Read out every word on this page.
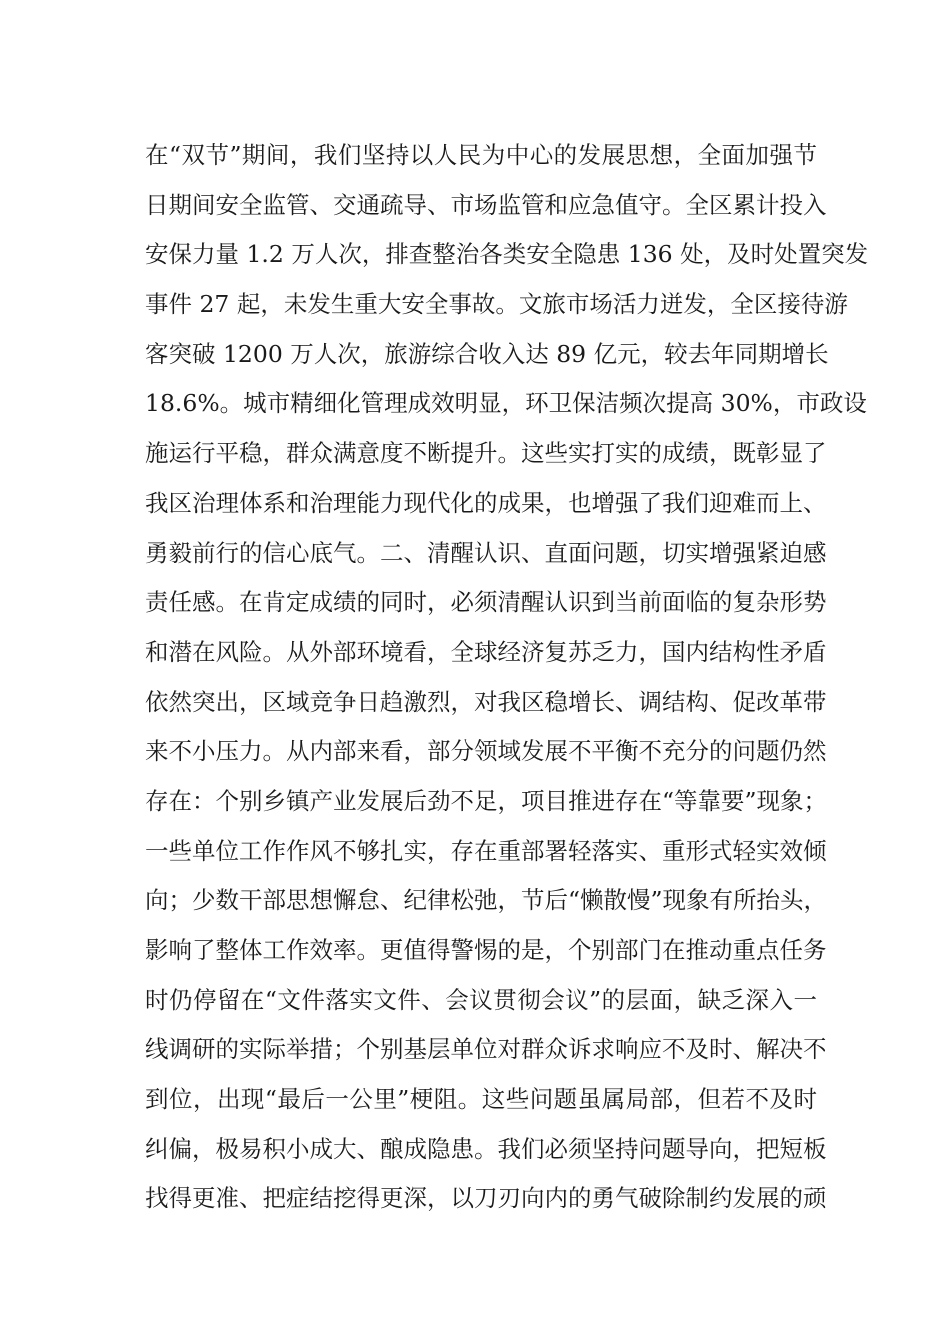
在“双节”期间，我们坚持以人民为中心的发展思想，全面加强节
日期间安全监管、交通疏导、市场监管和应急值守。全区累计投入
安保力量 1.2 万人次，排查整治各类安全隐患 136 处，及时处置突发
事件 27 起，未发生重大安全事故。文旅市场活力迸发，全区接待游
客突破 1200 万人次，旅游综合收入达 89 亿元，较去年同期增长
18.6%。城市精细化管理成效明显，环卫保洁频次提高 30%，市政设
施运行平稳，群众满意度不断提升。这些实打实的成绩，既彰显了
我区治理体系和治理能力现代化的成果，也增强了我们迎难而上、
勇毅前行的信心底气。二、清醒认识、直面问题，切实增强紧迫感
责任感。在肯定成绩的同时，必须清醒认识到当前面临的复杂形势
和潜在风险。从外部环境看，全球经济复苏乏力，国内结构性矛盾
依然突出，区域竞争日趋激烈，对我区稳增长、调结构、促改革带
来不小压力。从内部来看，部分领域发展不平衡不充分的问题仍然
存在：个别乡镇产业发展后劲不足，项目推进存在“等靠要”现象；
一些单位工作作风不够扎实，存在重部署轻落实、重形式轻实效倾
向；少数干部思想懈怠、纪律松弛，节后“懒散慢”现象有所抬头，
影响了整体工作效率。更值得警惕的是，个别部门在推动重点任务
时仍停留在“文件落实文件、会议贯彻会议”的层面，缺乏深入一
线调研的实际举措；个别基层单位对群众诉求响应不及时、解决不
到位，出现“最后一公里”梗阻。这些问题虽属局部，但若不及时
纠偏，极易积小成大、酿成隐患。我们必须坚持问题导向，把短板
找得更准、把症结挖得更深，以刀刃向内的勇气破除制约发展的顽
